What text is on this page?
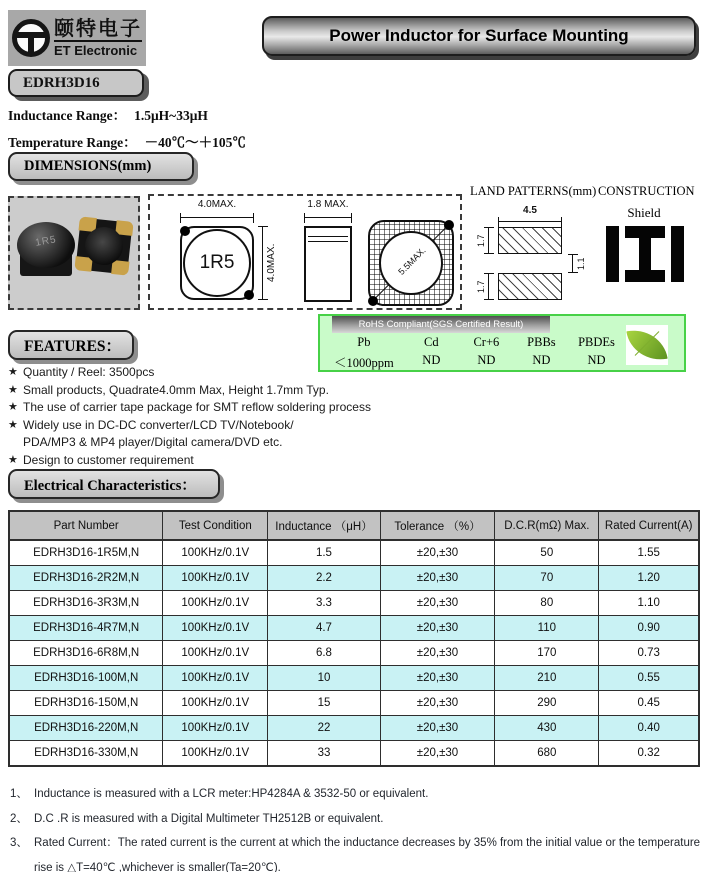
颐特电子
ET Electronic
Power Inductor for Surface Mounting
EDRH3D16
Inductance Range： 1.5μH~33μH
Temperature Range： －40℃～＋105℃
DIMENSIONS(mm)
1R5
4.0MAX.
1R5	4.0MAX.
1.8 MAX.
5.5MAX.
LAND PATTERNS(mm) CONSTRUCTION
Shield
4.5
1.7
1.7
1.1
RoHS Compliant(SGS Certified Result)
Pb
＜1000ppm
Cd
ND
Cr+6
ND
PBBs
ND
PBDEs
ND
FEATURES：
★ Quantity / Reel: 3500pcs
★ Small products, Quadrate4.0mm Max, Height 1.7mm Typ.
★ The use of carrier tape package for SMT reflow soldering process
★ Widely use in DC-DC converter/LCD TV/Notebook/
PDA/MP3 & MP4 player/Digital camera/DVD etc.
★ Design to customer requirement
Electrical Characteristics：
Part Number	Test Condition	Inductance （μH）	Tolerance （%）	D.C.R(mΩ) Max.	Rated Current(A)
EDRH3D16-1R5M,N	100KHz/0.1V	1.5	±20,±30	50	1.55
EDRH3D16-2R2M,N	100KHz/0.1V	2.2	±20,±30	70	1.20
EDRH3D16-3R3M,N	100KHz/0.1V	3.3	±20,±30	80	1.10
EDRH3D16-4R7M,N	100KHz/0.1V	4.7	±20,±30	110	0.90
EDRH3D16-6R8M,N	100KHz/0.1V	6.8	±20,±30	170	0.73
EDRH3D16-100M,N	100KHz/0.1V	10	±20,±30	210	0.55
EDRH3D16-150M,N	100KHz/0.1V	15	±20,±30	290	0.45
EDRH3D16-220M,N	100KHz/0.1V	22	±20,±30	430	0.40
EDRH3D16-330M,N	100KHz/0.1V	33	±20,±30	680	0.32
1、 Inductance is measured with a LCR meter:HP4284A & 3532-50 or equivalent.
2、 D.C .R is measured with a Digital Multimeter TH2512B or equivalent.
3、 Rated Current：The rated current is the current at which the inductance decreases by 35% from the initial value or the temperature
rise is △T=40℃ ,whichever is smaller(Ta=20℃).
